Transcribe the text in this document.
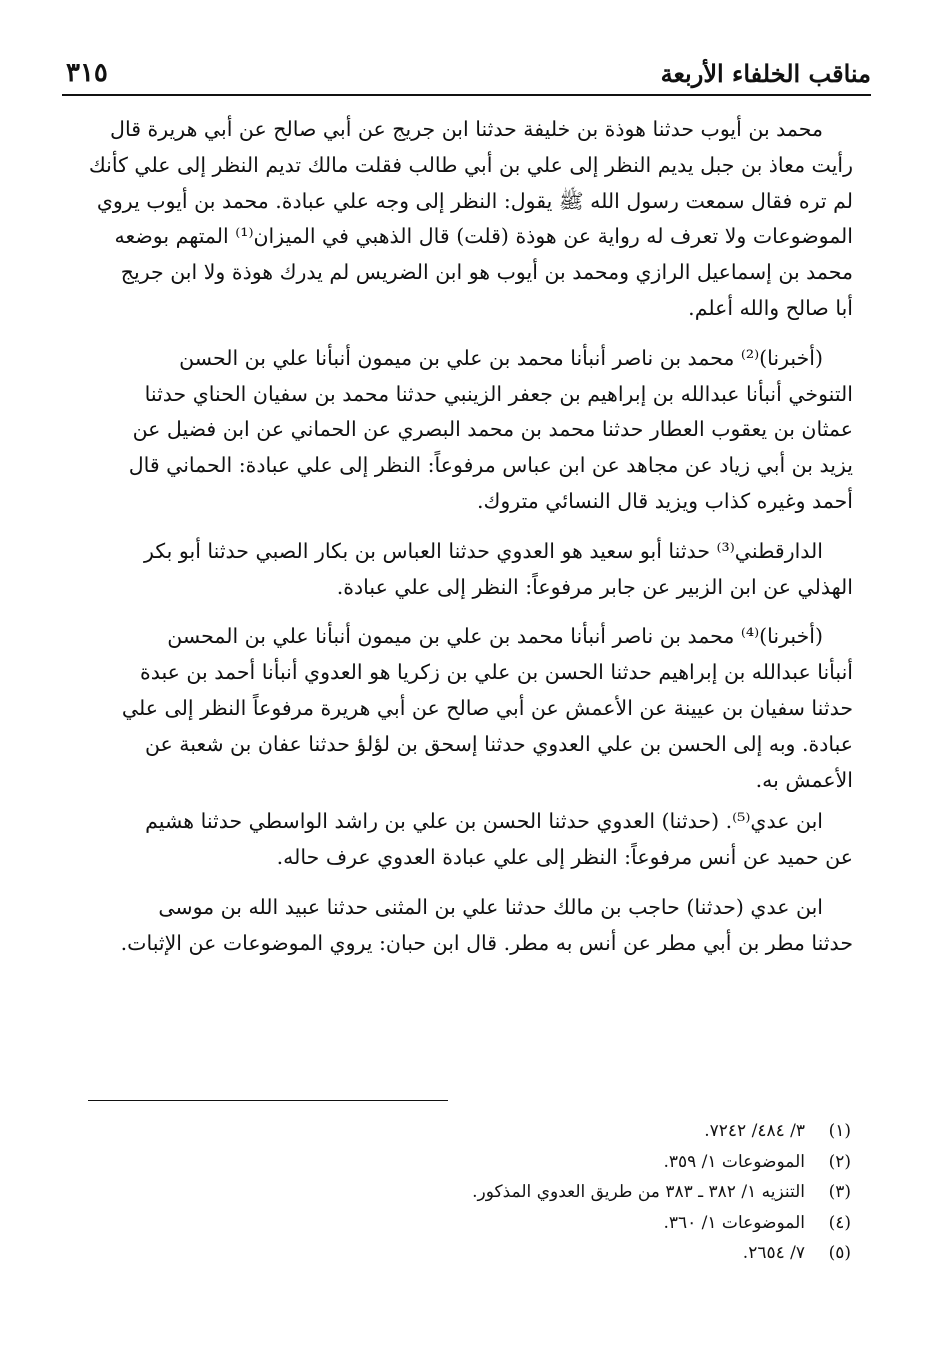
مناقب الخلفاء الأربعة
٣١٥
محمد بن أيوب حدثنا هوذة بن خليفة حدثنا ابن جريج عن أبي صالح عن أبي هريرة قال
رأيت معاذ بن جبل يديم النظر إلى علي بن أبي طالب فقلت مالك تديم النظر إلى علي كأنك
لم تره فقال سمعت رسول الله ﷺ يقول: النظر إلى وجه علي عبادة. محمد بن أيوب يروي
الموضوعات ولا تعرف له رواية عن هوذة (قلت) قال الذهبي في الميزان⁽¹⁾ المتهم بوضعه
محمد بن إسماعيل الرازي ومحمد بن أيوب هو ابن الضريس لم يدرك هوذة ولا ابن جريج
أبا صالح والله أعلم.
(أخبرنا)⁽²⁾ محمد بن ناصر أنبأنا محمد بن علي بن ميمون أنبأنا علي بن الحسن
التنوخي أنبأنا عبدالله بن إبراهيم بن جعفر الزينبي حدثنا محمد بن سفيان الحناي حدثنا
عمثان بن يعقوب العطار حدثنا محمد بن محمد البصري عن الحماني عن ابن فضيل عن
يزيد بن أبي زياد عن مجاهد عن ابن عباس مرفوعاً: النظر إلى علي عبادة: الحماني قال
أحمد وغيره كذاب ويزيد قال النسائي متروك.
الدارقطني⁽³⁾ حدثنا أبو سعيد هو العدوي حدثنا العباس بن بكار الصبي حدثنا أبو بكر
الهذلي عن ابن الزبير عن جابر مرفوعاً: النظر إلى علي عبادة.
(أخبرنا)⁽⁴⁾ محمد بن ناصر أنبأنا محمد بن علي بن ميمون أنبأنا علي بن المحسن
أنبأنا عبدالله بن إبراهيم حدثنا الحسن بن علي بن زكريا هو العدوي أنبأنا أحمد بن عبدة
حدثنا سفيان بن عيينة عن الأعمش عن أبي صالح عن أبي هريرة مرفوعاً النظر إلى علي
عبادة. وبه إلى الحسن بن علي العدوي حدثنا إسحق بن لؤلؤ حدثنا عفان بن شعبة عن
الأعمش به.
ابن عدي⁽⁵⁾. (حدثنا) العدوي حدثنا الحسن بن علي بن راشد الواسطي حدثنا هشيم
عن حميد عن أنس مرفوعاً: النظر إلى علي عبادة العدوي عرف حاله.
ابن عدي (حدثنا) حاجب بن مالك حدثنا علي بن المثنى حدثنا عبيد الله بن موسى
حدثنا مطر بن أبي مطر عن أنس به مطر. قال ابن حبان: يروي الموضوعات عن الإثبات.
(١)٣/ ٤٨٤/ ٧٢٤٢.
(٢)الموضوعات ١/ ٣٥٩.
(٣)التنزيه ١/ ٣٨٢ ـ ٣٨٣ من طريق العدوي المذكور.
(٤)الموضوعات ١/ ٣٦٠.
(٥)٧/ ٢٦٥٤.
